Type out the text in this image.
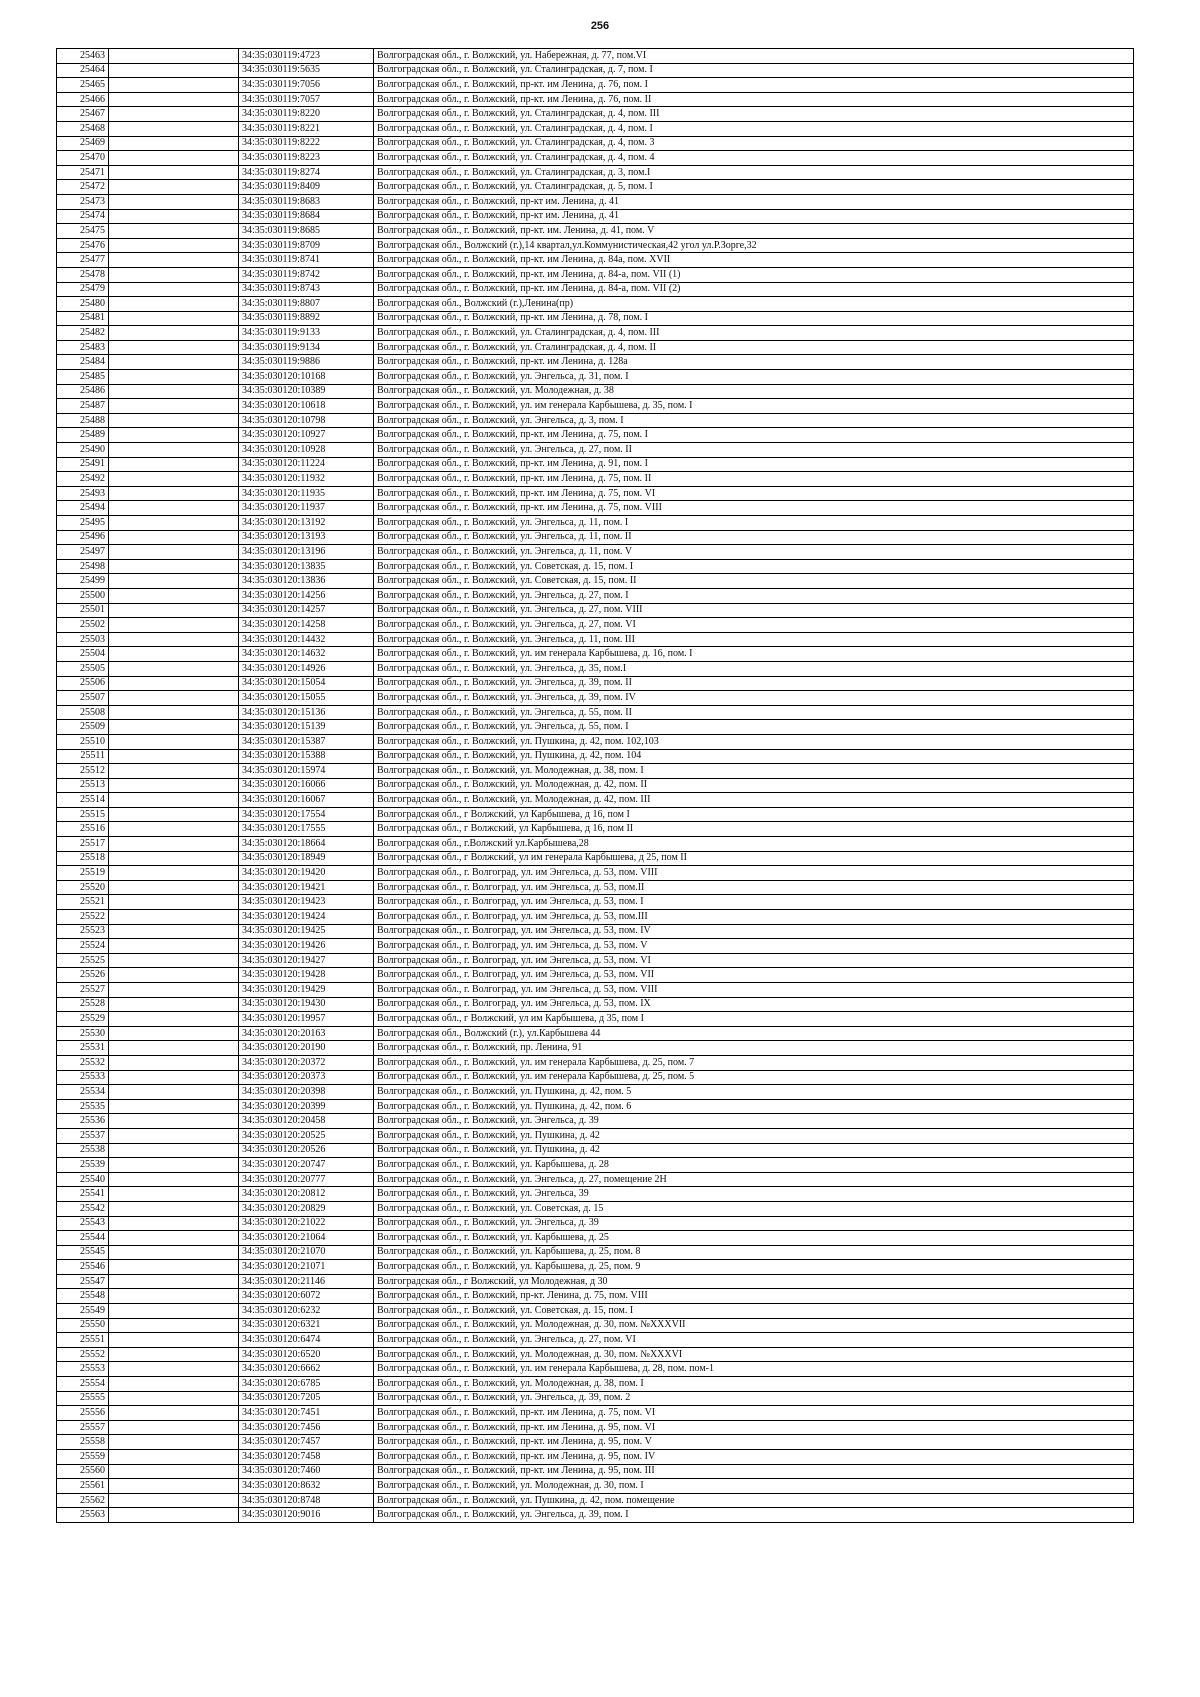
256
25463		34:35:030119:4723	Волгоградская обл., г. Волжский, ул. Набережная, д. 77, пом.VI
25464		34:35:030119:5635	Волгоградская обл., г. Волжский, ул. Сталинградская, д. 7, пом. I
25465		34:35:030119:7056	Волгоградская обл., г. Волжский, пр-кт. им Ленина, д. 76, пом. I
25466		34:35:030119:7057	Волгоградская обл., г. Волжский, пр-кт. им Ленина, д. 76, пом. II
25467		34:35:030119:8220	Волгоградская обл., г. Волжский, ул. Сталинградская, д. 4, пом. III
25468		34:35:030119:8221	Волгоградская обл., г. Волжский, ул. Сталинградская, д. 4, пом. I
25469		34:35:030119:8222	Волгоградская обл., г. Волжский, ул. Сталинградская, д. 4, пом. 3
25470		34:35:030119:8223	Волгоградская обл., г. Волжский, ул. Сталинградская, д. 4, пом. 4
25471		34:35:030119:8274	Волгоградская обл., г. Волжский, ул. Сталинградская, д. 3, пом.I
25472		34:35:030119:8409	Волгоградская обл., г. Волжский, ул. Сталинградская, д. 5, пом. I
25473		34:35:030119:8683	Волгоградская обл., г. Волжский, пр-кт им. Ленина, д. 41
25474		34:35:030119:8684	Волгоградская обл., г. Волжский, пр-кт им. Ленина, д. 41
25475		34:35:030119:8685	Волгоградская обл., г. Волжский, пр-кт. им. Ленина, д. 41, пом. V
25476		34:35:030119:8709	Волгоградская обл., Волжский (г.),14 квартал,ул.Коммунистическая,42 угол ул.Р.Зорге,32
25477		34:35:030119:8741	Волгоградская обл., г. Волжский, пр-кт. им Ленина, д. 84а, пом. XVII
25478		34:35:030119:8742	Волгоградская обл., г. Волжский, пр-кт. им Ленина, д. 84-а, пом. VII (1)
25479		34:35:030119:8743	Волгоградская обл., г. Волжский, пр-кт. им Ленина, д. 84-а, пом. VII (2)
25480		34:35:030119:8807	Волгоградская обл., Волжский (г.),Ленина(пр)
25481		34:35:030119:8892	Волгоградская обл., г. Волжский, пр-кт. им Ленина, д. 78, пом. I
25482		34:35:030119:9133	Волгоградская обл., г. Волжский, ул. Сталинградская, д. 4, пом. III
25483		34:35:030119:9134	Волгоградская обл., г. Волжский, ул. Сталинградская, д. 4, пом. II
25484		34:35:030119:9886	Волгоградская обл., г. Волжский, пр-кт. им Ленина, д. 128а
25485		34:35:030120:10168	Волгоградская обл., г. Волжский, ул. Энгельса, д. 31, пом. I
25486		34:35:030120:10389	Волгоградская обл., г. Волжский, ул. Молодежная, д. 38
25487		34:35:030120:10618	Волгоградская обл., г. Волжский, ул. им генерала Карбышева, д. 35, пом. I
25488		34:35:030120:10798	Волгоградская обл., г. Волжский, ул. Энгельса, д. 3, пом. I
25489		34:35:030120:10927	Волгоградская обл., г. Волжский, пр-кт. им Ленина, д. 75, пом. I
25490		34:35:030120:10928	Волгоградская обл., г. Волжский, ул. Энгельса, д. 27, пом. II
25491		34:35:030120:11224	Волгоградская обл., г. Волжский, пр-кт. им Ленина, д. 91, пом. I
25492		34:35:030120:11932	Волгоградская обл., г. Волжский, пр-кт. им Ленина, д. 75, пом. II
25493		34:35:030120:11935	Волгоградская обл., г. Волжский, пр-кт. им Ленина, д. 75, пом. VI
25494		34:35:030120:11937	Волгоградская обл., г. Волжский, пр-кт. им Ленина, д. 75, пом. VIII
25495		34:35:030120:13192	Волгоградская обл., г. Волжский, ул. Энгельса, д. 11, пом. I
25496		34:35:030120:13193	Волгоградская обл., г. Волжский, ул. Энгельса, д. 11, пом. II
25497		34:35:030120:13196	Волгоградская обл., г. Волжский, ул. Энгельса, д. 11, пом. V
25498		34:35:030120:13835	Волгоградская обл., г. Волжский, ул. Советская, д. 15, пом. I
25499		34:35:030120:13836	Волгоградская обл., г. Волжский, ул. Советская, д. 15, пом. II
25500		34:35:030120:14256	Волгоградская обл., г. Волжский, ул. Энгельса, д. 27, пом. I
25501		34:35:030120:14257	Волгоградская обл., г. Волжский, ул. Энгельса, д. 27, пом. VIII
25502		34:35:030120:14258	Волгоградская обл., г. Волжский, ул. Энгельса, д. 27, пом. VI
25503		34:35:030120:14432	Волгоградская обл., г. Волжский, ул. Энгельса, д. 11, пом. III
25504		34:35:030120:14632	Волгоградская обл., г. Волжский, ул. им генерала Карбышева, д. 16, пом. I
25505		34:35:030120:14926	Волгоградская обл., г. Волжский, ул. Энгельса, д. 35, пом.I
25506		34:35:030120:15054	Волгоградская обл., г. Волжский, ул. Энгельса, д. 39, пом. II
25507		34:35:030120:15055	Волгоградская обл., г. Волжский, ул. Энгельса, д. 39, пом. IV
25508		34:35:030120:15136	Волгоградская обл., г. Волжский, ул. Энгельса, д. 55, пом. II
25509		34:35:030120:15139	Волгоградская обл., г. Волжский, ул. Энгельса, д. 55, пом. I
25510		34:35:030120:15387	Волгоградская обл., г. Волжский, ул. Пушкина, д. 42, пом. 102,103
25511		34:35:030120:15388	Волгоградская обл., г. Волжский, ул. Пушкина, д. 42, пом. 104
25512		34:35:030120:15974	Волгоградская обл., г. Волжский, ул. Молодежная, д. 38, пом. I
25513		34:35:030120:16066	Волгоградская обл., г. Волжский, ул. Молодежная, д. 42, пом. II
25514		34:35:030120:16067	Волгоградская обл., г. Волжский, ул. Молодежная, д. 42, пом. III
25515		34:35:030120:17554	Волгоградская обл., г Волжский, ул Карбышева, д 16, пом I
25516		34:35:030120:17555	Волгоградская обл., г Волжский, ул Карбышева, д 16, пом II
25517		34:35:030120:18664	Волгоградская обл., г.Волжский ул.Карбышева,28
25518		34:35:030120:18949	Волгоградская обл., г Волжский, ул им генерала Карбышева, д 25, пом II
25519		34:35:030120:19420	Волгоградская обл., г. Волгоград, ул. им Энгельса, д. 53, пом. VIII
25520		34:35:030120:19421	Волгоградская обл., г. Волгоград, ул. им Энгельса, д. 53, пом.II
25521		34:35:030120:19423	Волгоградская обл., г. Волгоград, ул. им Энгельса, д. 53, пом. I
25522		34:35:030120:19424	Волгоградская обл., г. Волгоград, ул. им Энгельса, д. 53, пом.III
25523		34:35:030120:19425	Волгоградская обл., г. Волгоград, ул. им Энгельса, д. 53, пом. IV
25524		34:35:030120:19426	Волгоградская обл., г. Волгоград, ул. им Энгельса, д. 53, пом. V
25525		34:35:030120:19427	Волгоградская обл., г. Волгоград, ул. им Энгельса, д. 53, пом. VI
25526		34:35:030120:19428	Волгоградская обл., г. Волгоград, ул. им Энгельса, д. 53, пом. VII
25527		34:35:030120:19429	Волгоградская обл., г. Волгоград, ул. им Энгельса, д. 53, пом. VIII
25528		34:35:030120:19430	Волгоградская обл., г. Волгоград, ул. им Энгельса, д. 53, пом. IX
25529		34:35:030120:19957	Волгоградская обл., г Волжский, ул им Карбышева, д 35, пом I
25530		34:35:030120:20163	Волгоградская обл., Волжский (г.), ул.Карбышева 44
25531		34:35:030120:20190	Волгоградская обл., г. Волжский, пр. Ленина, 91
25532		34:35:030120:20372	Волгоградская обл., г. Волжский, ул. им генерала Карбышева, д. 25, пом. 7
25533		34:35:030120:20373	Волгоградская обл., г. Волжский, ул. им генерала Карбышева, д. 25, пом. 5
25534		34:35:030120:20398	Волгоградская обл., г. Волжский, ул. Пушкина, д. 42, пом. 5
25535		34:35:030120:20399	Волгоградская обл., г. Волжский, ул. Пушкина, д. 42, пом. 6
25536		34:35:030120:20458	Волгоградская обл., г. Волжский, ул. Энгельса, д. 39
25537		34:35:030120:20525	Волгоградская обл., г. Волжский, ул. Пушкина, д. 42
25538		34:35:030120:20526	Волгоградская обл., г. Волжский, ул. Пушкина, д. 42
25539		34:35:030120:20747	Волгоградская обл., г. Волжский, ул. Карбышева, д. 28
25540		34:35:030120:20777	Волгоградская обл., г. Волжский, ул. Энгельса, д. 27, помещение 2Н
25541		34:35:030120:20812	Волгоградская обл., г. Волжский, ул. Энгельса, 39
25542		34:35:030120:20829	Волгоградская обл., г. Волжский, ул. Советская, д. 15
25543		34:35:030120:21022	Волгоградская обл., г. Волжский, ул. Энгельса, д. 39
25544		34:35:030120:21064	Волгоградская обл., г. Волжский, ул. Карбышева, д. 25
25545		34:35:030120:21070	Волгоградская обл., г. Волжский, ул. Карбышева, д. 25, пом. 8
25546		34:35:030120:21071	Волгоградская обл., г. Волжский, ул. Карбышева, д. 25, пом. 9
25547		34:35:030120:21146	Волгоградская обл., г Волжский, ул Молодежная, д 30
25548		34:35:030120:6072	Волгоградская обл., г. Волжский, пр-кт. Ленина, д. 75, пом. VIII
25549		34:35:030120:6232	Волгоградская обл., г. Волжский, ул. Советская, д. 15, пом. I
25550		34:35:030120:6321	Волгоградская обл., г. Волжский, ул. Молодежная, д. 30, пом. №XXXVII
25551		34:35:030120:6474	Волгоградская обл., г. Волжский, ул. Энгельса, д. 27, пом. VI
25552		34:35:030120:6520	Волгоградская обл., г. Волжский, ул. Молодежная, д. 30, пом. №XXXVI
25553		34:35:030120:6662	Волгоградская обл., г. Волжский, ул. им генерала Карбышева, д. 28, пом. пом-1
25554		34:35:030120:6785	Волгоградская обл., г. Волжский, ул. Молодежная, д. 38, пом. I
25555		34:35:030120:7205	Волгоградская обл., г. Волжский, ул. Энгельса, д. 39, пом. 2
25556		34:35:030120:7451	Волгоградская обл., г. Волжский, пр-кт. им Ленина, д. 75, пом. VI
25557		34:35:030120:7456	Волгоградская обл., г. Волжский, пр-кт. им Ленина, д. 95, пом. VI
25558		34:35:030120:7457	Волгоградская обл., г. Волжский, пр-кт. им Ленина, д. 95, пом. V
25559		34:35:030120:7458	Волгоградская обл., г. Волжский, пр-кт. им Ленина, д. 95, пом. IV
25560		34:35:030120:7460	Волгоградская обл., г. Волжский, пр-кт. им Ленина, д. 95, пом. III
25561		34:35:030120:8632	Волгоградская обл., г. Волжский, ул. Молодежная, д. 30, пом. I
25562		34:35:030120:8748	Волгоградская обл., г. Волжский, ул. Пушкина, д. 42, пом. помещение
25563		34:35:030120:9016	Волгоградская обл., г. Волжский, ул. Энгельса, д. 39, пом. I
